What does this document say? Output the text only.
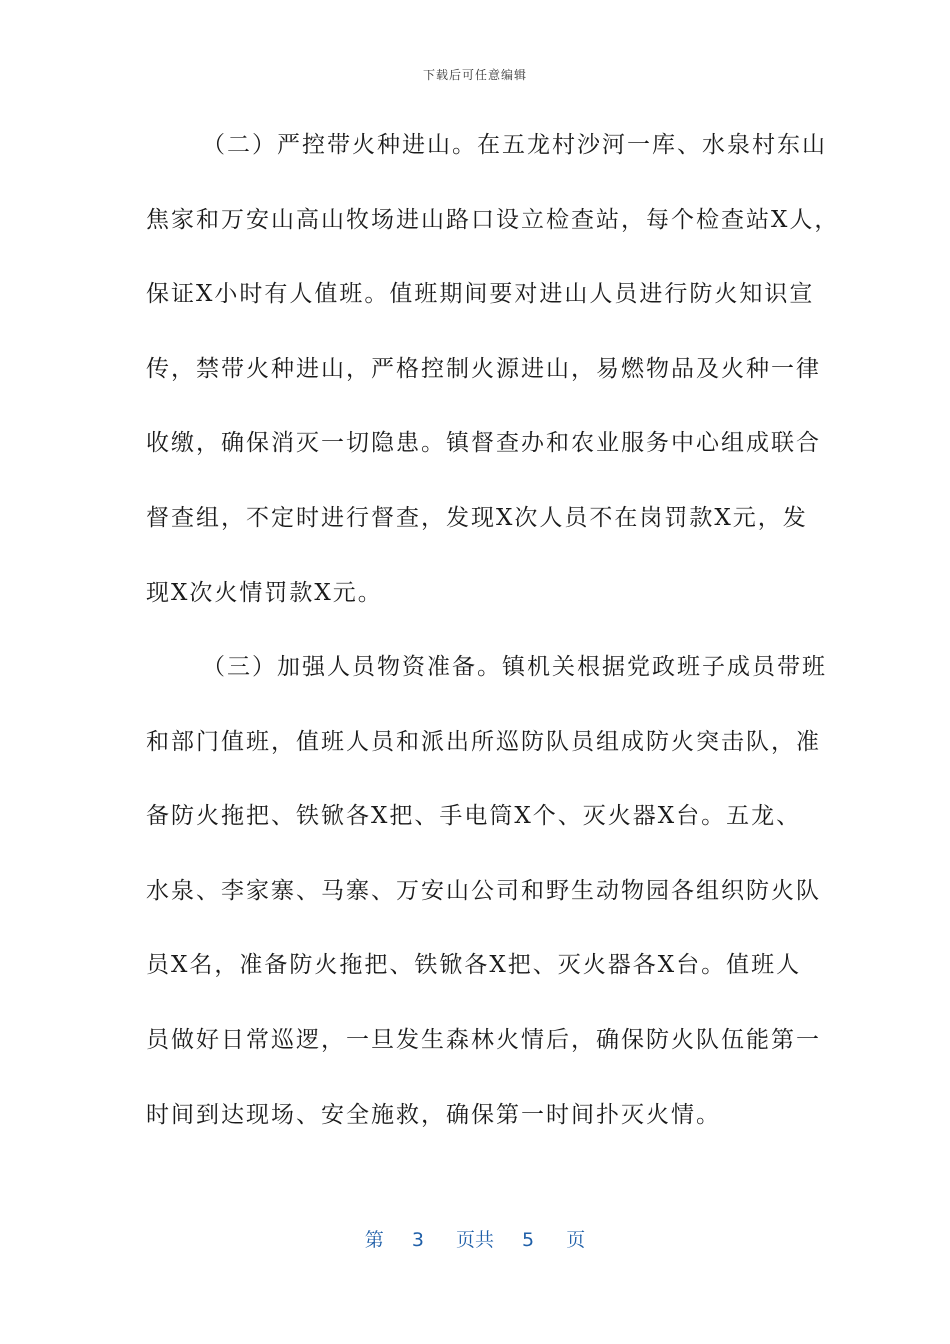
下载后可任意编辑
（二）严控带火种进山。在五龙村沙河一库、水泉村东山
焦家和万安山高山牧场进山路口设立检查站，每个检查站X人，
保证X小时有人值班。值班期间要对进山人员进行防火知识宣
传，禁带火种进山，严格控制火源进山，易燃物品及火种一律
收缴，确保消灭一切隐患。镇督查办和农业服务中心组成联合
督查组，不定时进行督查，发现X次人员不在岗罚款X元，发
现X次火情罚款X元。
（三）加强人员物资准备。镇机关根据党政班子成员带班
和部门值班，值班人员和派出所巡防队员组成防火突击队，准
备防火拖把、铁锨各X把、手电筒X个、灭火器X台。五龙、
水泉、李家寨、马寨、万安山公司和野生动物园各组织防火队
员X名，准备防火拖把、铁锨各X把、灭火器各X台。值班人
员做好日常巡逻，一旦发生森林火情后，确保防火队伍能第一
时间到达现场、安全施救，确保第一时间扑灭火情。
第 3 页共 5 页
